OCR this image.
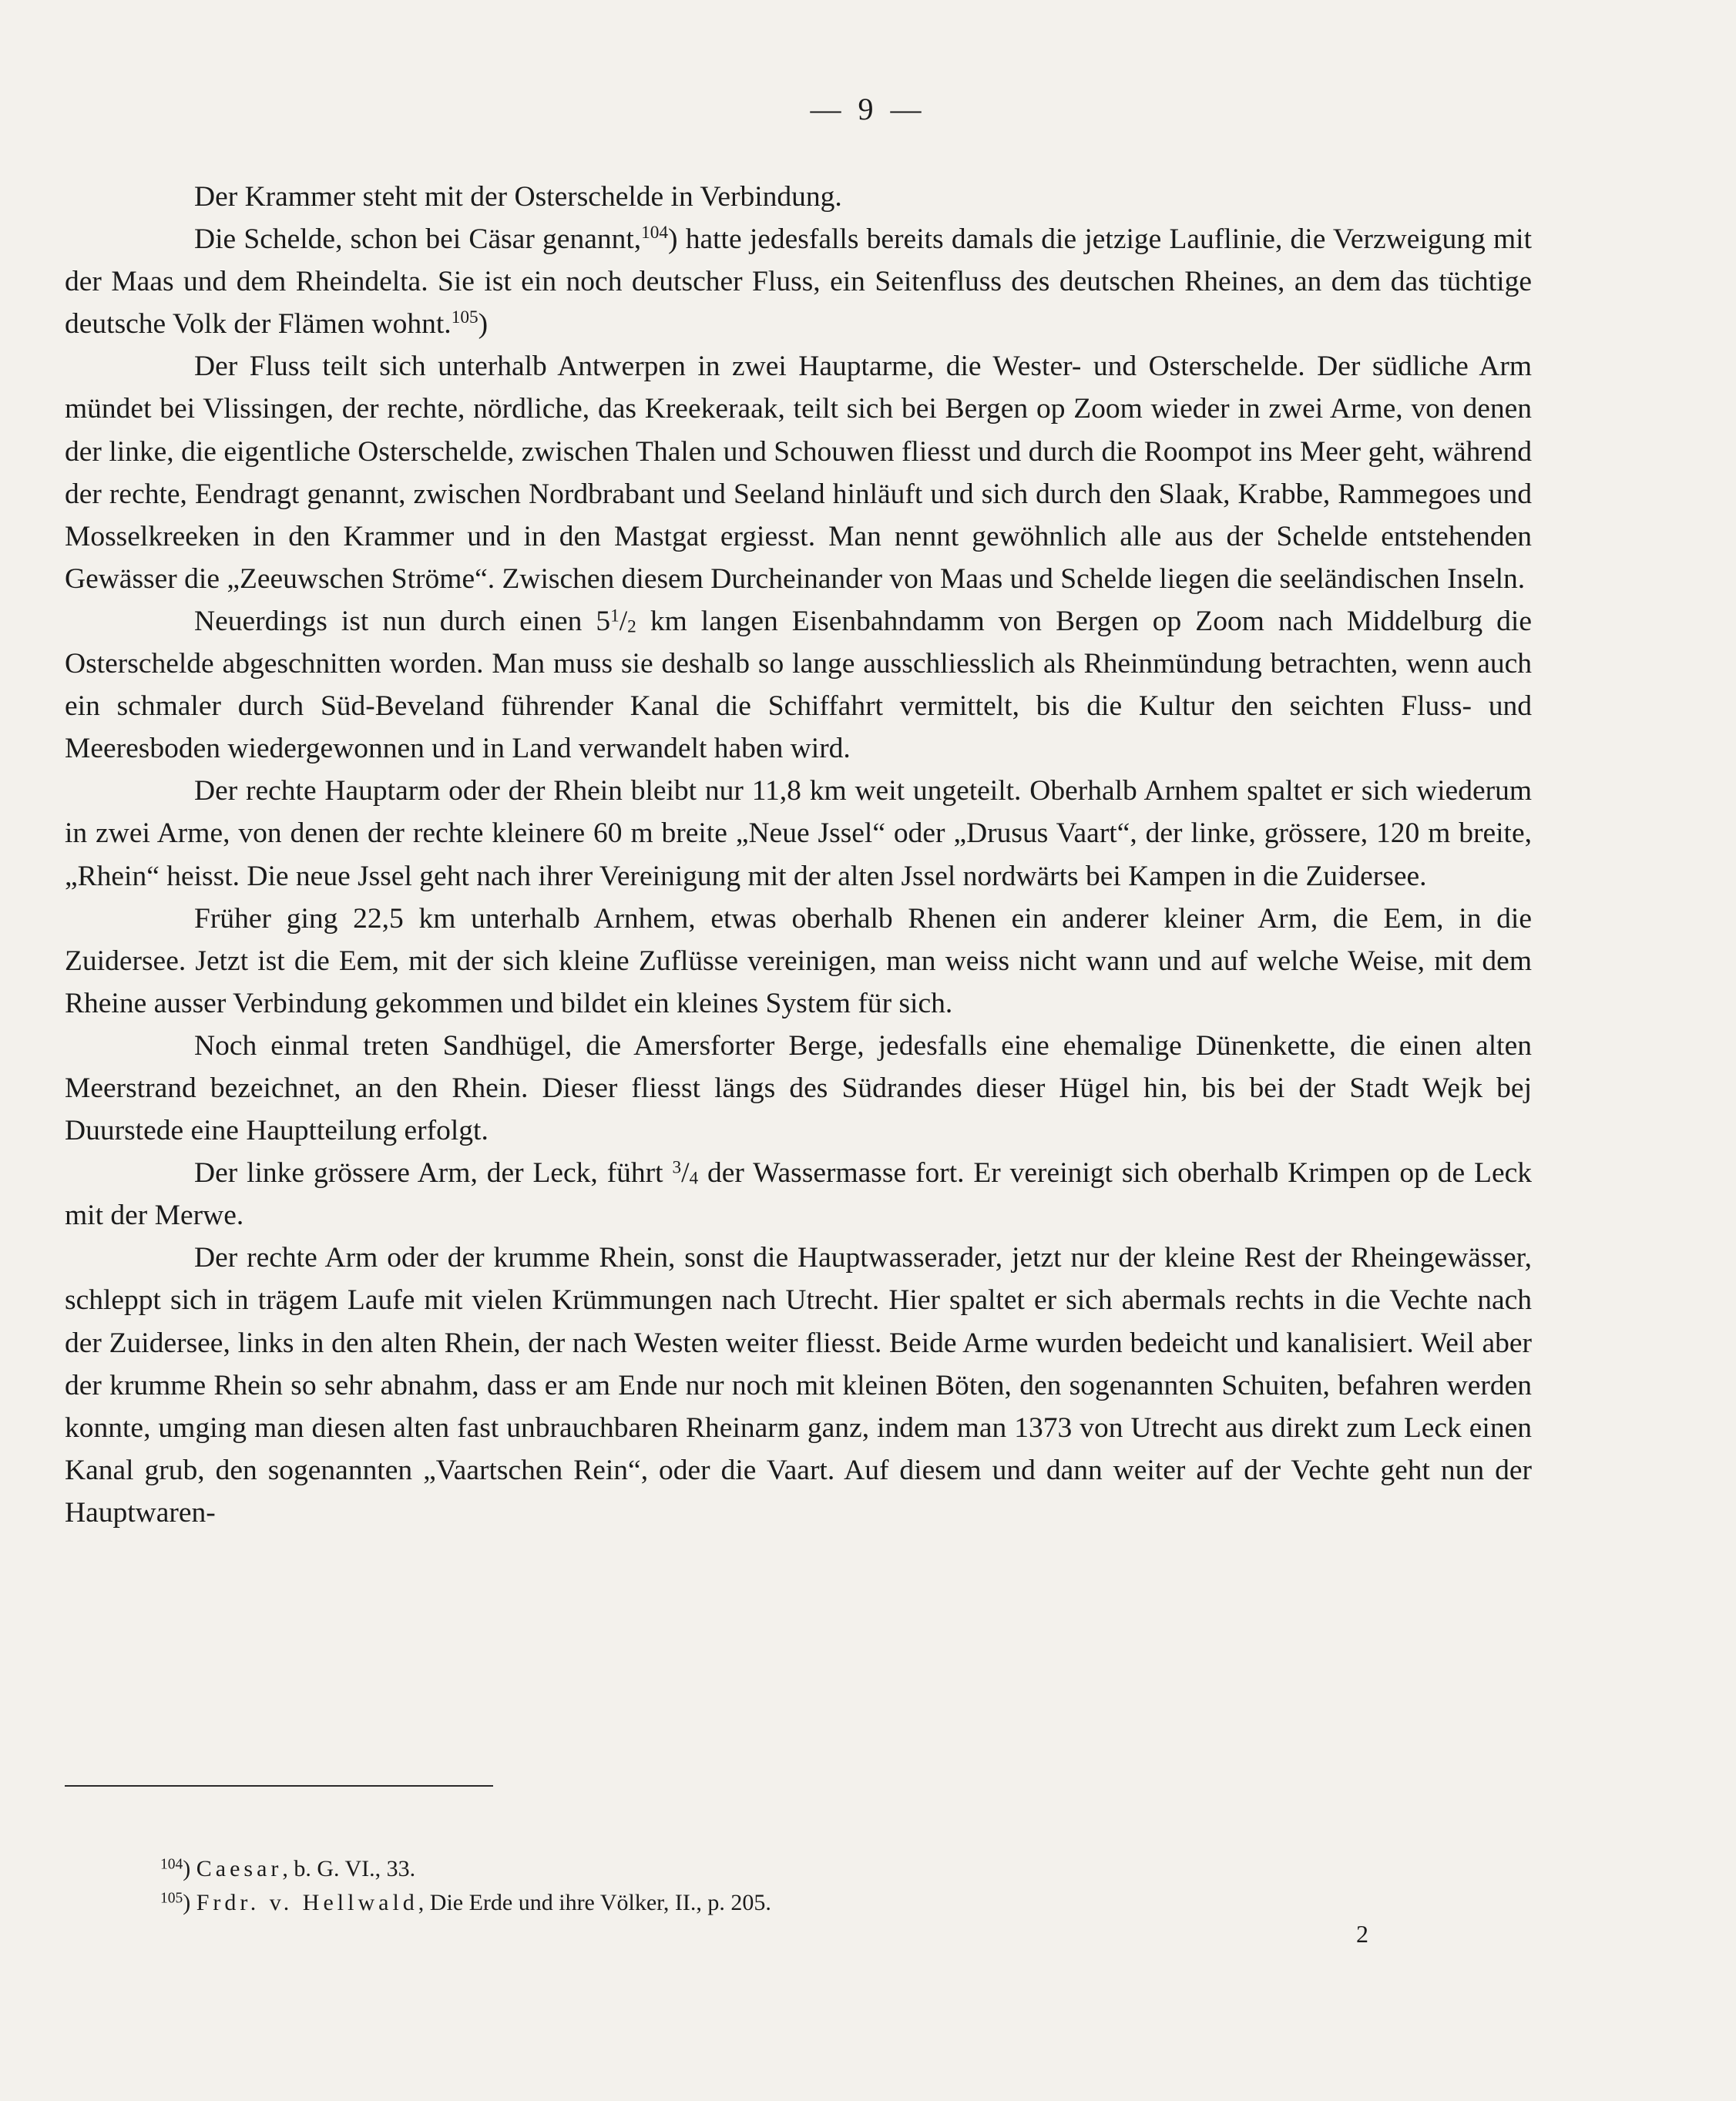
— 9 —

Der Krammer steht mit der Osterschelde in Verbindung.

Die Schelde, schon bei Cäsar genannt,$^{104}$) hatte jedesfalls bereits damals die jetzige Lauflinie, die Verzweigung mit der Maas und dem Rheindelta. Sie ist ein noch deutscher Fluss, ein Seitenfluss des deutschen Rheines, an dem das tüchtige deutsche Volk der Flämen wohnt.$^{105}$)

Der Fluss teilt sich unterhalb Antwerpen in zwei Hauptarme, die Wester- und Osterschelde. Der südliche Arm mündet bei Vlissingen, der rechte, nördliche, das Kreekeraak, teilt sich bei Bergen op Zoom wieder in zwei Arme, von denen der linke, die eigentliche Osterschelde, zwischen Thalen und Schouwen fliesst und durch die Roompot ins Meer geht, während der rechte, Eendragt genannt, zwischen Nordbrabant und Seeland hinläuft und sich durch den Slaak, Krabbe, Rammegoes und Mosselkreeken in den Krammer und in den Mastgat ergiesst. Man nennt gewöhnlich alle aus der Schelde entstehenden Gewässer die „Zeeuwschen Ströme“. Zwischen diesem Durcheinander von Maas und Schelde liegen die seeländischen Inseln.

Neuerdings ist nun durch einen $5^1/2$ km langen Eisenbahndamm von Bergen op Zoom nach Middelburg die Osterschelde abgeschnitten worden. Man muss sie deshalb so lange ausschliesslich als Rheinmündung betrachten, wenn auch ein schmaler durch Süd-Beveland führender Kanal die Schiffahrt vermittelt, bis die Kultur den seichten Fluss- und Meeresboden wiedergewonnen und in Land verwandelt haben wird.

Der rechte Hauptarm oder der Rhein bleibt nur 11,8 km weit ungeteilt. Oberhalb Arnhem spaltet er sich wiederum in zwei Arme, von denen der rechte kleinere 60 m breite „Neue Jssel“ oder „Drusus Vaart“, der linke, grössere, 120 m breite, „Rhein“ heisst. Die neue Jssel geht nach ihrer Vereinigung mit der alten Jssel nordwärts bei Kampen in die Zuidersee.

Früher ging 22,5 km unterhalb Arnhem, etwas oberhalb Rhenen ein anderer kleiner Arm, die Eem, in die Zuidersee. Jetzt ist die Eem, mit der sich kleine Zuflüsse vereinigen, man weiss nicht wann und auf welche Weise, mit dem Rheine ausser Verbindung gekommen und bildet ein kleines System für sich.

Noch einmal treten Sandhügel, die Amersforter Berge, jedesfalls eine ehemalige Dünenkette, die einen alten Meerstrand bezeichnet, an den Rhein. Dieser fliesst längs des Südrandes dieser Hügel hin, bis bei der Stadt Wejk bej Duurstede eine Hauptteilung erfolgt.

Der linke grössere Arm, der Leck, führt $^3$/4 der Wassermasse fort. Er vereinigt sich oberhalb Krimpen op de Leck mit der Merwe.

Der rechte Arm oder der krumme Rhein, sonst die Hauptwasserader, jetzt nur der kleine Rest der Rheingewässer, schleppt sich in trägem Laufe mit vielen Krümmungen nach Utrecht. Hier spaltet er sich abermals rechts in die Vechte nach der Zuidersee, links in den alten Rhein, der nach Westen weiter fliesst. Beide Arme wurden bedeicht und kanalisiert. Weil aber der krumme Rhein so sehr abnahm, dass er am Ende nur noch mit kleinen Böten, den sogenannten Schuiten, befahren werden konnte, umging man diesen alten fast unbrauchbaren Rheinarm ganz, indem man 1373 von Utrecht aus direkt zum Leck einen Kanal grub, den sogenannten „Vaartschen Rein“, oder die Vaart. Auf diesem und dann weiter auf der Vechte geht nun der Hauptwaren-

$^{104}$) Caesar, b. G. VI., 33.

$^{105}$) Frdr. v. Hellwald, Die Erde und ihre Völker, II., p. 205.

2
